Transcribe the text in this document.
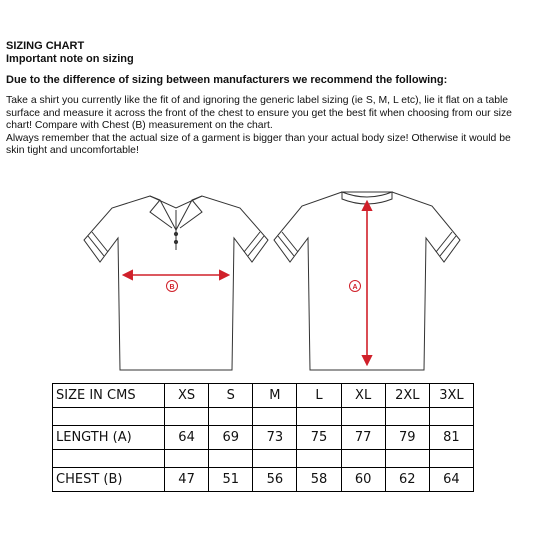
SIZING CHART

Important note on sizing

Due to the difference of sizing between manufacturers we recommend the following:

Take a shirt you currently like the fit of and ignoring the generic label sizing (ie S, M, L etc), lie it flat on a table surface and measure it across the front of the chest to ensure you get the best fit when choosing from our size chart! Compare with Chest (B) measurement on the chart.

Always remember that the actual size of a garment is bigger than your actual body size! Otherwise it would be skin tight and uncomfortable!

B	A
SIZE IN CMS	XS	S	M	L	XL	2XL	3XL

LENGTH (A)	64	69	73	75	77	79	81

CHEST (B)	47	51	56	58	60	62	64
